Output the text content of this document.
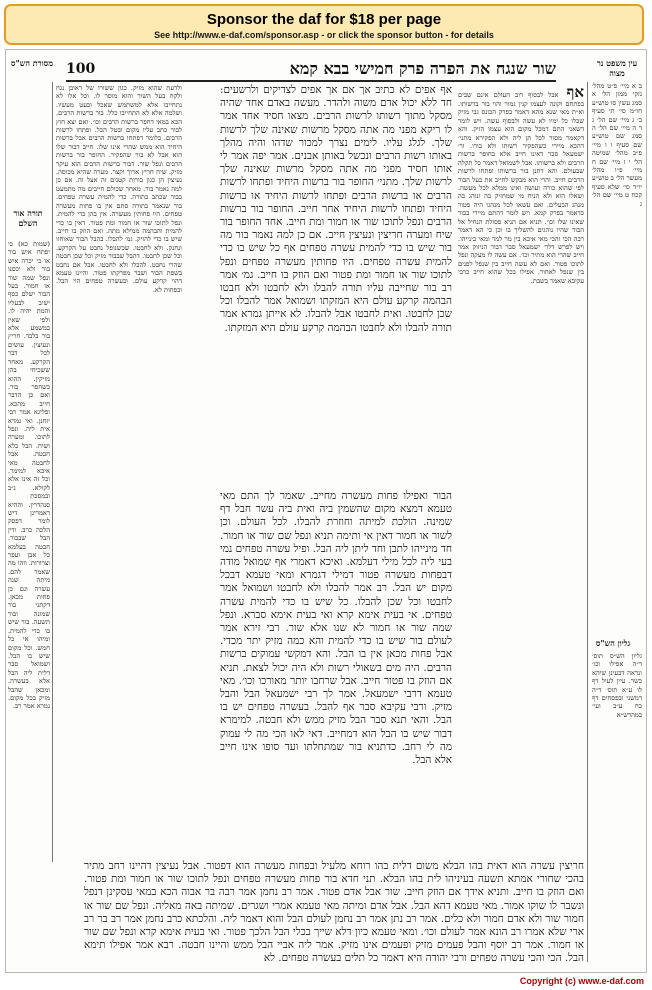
Sponsor the daf for $18 per page
See http://www.e-daf.com/sponsor.asp - or click the sponsor button - for details
שור שנגח את הפרה פרק חמישי בבא קמא
100	עין משפט נר מצוה
מסורת הש"ס
תורה אור השלם
גליון הש"ס
ב א מיי׳ פ״ט מהל׳ נזקי ממון הל׳ א סמג עשין סו טוש״ע חו״מ סי׳ תי סעיף ב׳ ג מיי׳ שם הל׳ ג ד ה מיי׳ שם הל׳ ה סמג שם טוש״ע שם סעיף ו ו מיי׳ פ״ב מהל׳ שמיטה הל׳ י ז מיי׳ שם ח מיי׳ פ״ו מהל׳ מעשר הל׳ ב טוש״ע יו״ד סי׳ שלא סעיף קכח ט מיי׳ שם הל׳ ג
גליון הש״ס תוס׳ ד״ה אפילו וכו׳ ונראה דבעינן שיהא כשר. עיין לעיל דף לו ע״א תוס׳ ד״ה דמשני ובפסחים דף כח ע״ב ועי׳ במהרש״א
אף אבל לבסוף רוב העולם אינם שבים בפתחם וקונה לעצמו קנין גמור והוי בור ברשותו. וא״ת מאי שנא מהא דאמר בפרק הכונס גבי מזיק שכלו כל ימיו לא עשה ולבסוף עשה. ויש לומר דשאני התם דמכל מקום הוא עצמו הזיק. והא דקאמר מסור לכל תן ליה ולא הפקירא מתני׳ דהכא מיירי כשהפקיר רשותו ולא בורו. ור׳ ישמעאל סבר דאינו חייב אלא בחופר ברשות הרבים ולא ברשותו. אבל לשמואל דאמר כל תקלה שבעולם. והא דתנן בור ברשותו ופתחו לרשות הרבים חייב. והרי הוא מבקש לחייב את בעל הבור לפי שהוא כורה ועושה ואינו ממלא לכל מעשה. ושאלו הוא ולא הניח מי שמחזיק בה ונוהג בה מנהג הבעלים. ואם עשאו לכל מנהגו היה פטור כדאמר בפרק קמא. ויש לומר דהתם מיירי בבור שאינו שלו וכו׳. תניא אם תניא פסולת הנחיל אל הבור שהיו נוהגים להשליך בו וכן כי הא דאמר רבה הכי והכי מאי איכא בין מר למר ומאי בינייהו. ויש לפרש דלר׳ ישמעאל סבר דבור הניזוק אמר חייב שהרי הוא מתיר וכו׳. אם עשה לו מעקה ונפל לתוכו פטור. ואם לא עשה חייב בין שנפל לפנים בין שנפל לאחור. אפילו בכל שהוא חייב כרבי עקיבא שאמר בשבת.
אף אפים לא כתיב אך אם אך אפים לצדיקים ולרשעים: חד ללא יכול אדם משוה ולהדר. מעשה באדם אחד שהיה מסקל מתוך רשותו לרשות הרבים. מצאו חסיד אחד אמר לו ריקא מפני מה אתה מסקל מרשות שאינה שלך לרשות שלך. לגלג עליו. לימים נצרך למכור שדהו והיה מהלך באותו רשות הרבים ונכשל באותן אבנים. אמר יפה אמר לי אותו חסיד מפני מה אתה מסקל מרשות שאינה שלך לרשות שלך. מתני׳ החופר בור ברשות היחיד ופתחו לרשות הרבים או ברשות הרבים ופתחו לרשות היחיד או ברשות היחיד ופתחו לרשות היחיד אחר חייב. החופר בור ברשות הרבים ונפל לתוכו שור או חמור ומת חייב. אחד החופר בור שיח ומערה חריצין ונעיצין חייב. אם כן למה נאמר בור מה בור שיש בו כדי להמית עשרה טפחים אף כל שיש בו כדי להמית עשרה טפחים. היו פחותין מעשרה טפחים ונפל לתוכו שור או חמור ומת פטור ואם הוזק בו חייב. גמ׳ אמר רב בור שחייבה עליו תורה להבלו ולא לחבטו ולא חבטו הבהמה קרקע עולם היא המזקתו ושמואל אמר להבלו וכל שכן לחבטו. ואית לחבטו אבל להבלו. לא אייתן גמרא אמר תורה להבלו ולא לחבטו הבהמה קרקע עולם היא המזקתו.
הבור ואפילו פחות מעשרה מחייב. שאמר לך התם מאי טעמא דמצא מקום שהשמין ביה ואית ביה עשר חבל דף שמינה. הולכת למיתה וחוזרת להבלו. לכל העולם. וכן לשור או חמור דאין אי ותימה תניא ונפל שם שור או חמור. חד מינייהו לתבן וחד ליתן ליה הבל. ופיל עשרה טפחים נמי בעי ליה לכל מילי דעלמא. ואיכא דאמרי אף שמואל מודה דבפחות מעשרה פטור דמילי דגמרא ומאי טעמא דבכל מקום יש הבל. רב אמר להבלו ולא לחבטו ושמואל אמר לחבטו וכל שכן להבלו. כל שיש בו כדי להמית עשרה טפחים. אי בעית אימא קרא ואי בעית אימא סברא. ונפל שמה שור או חמור לא שנו אלא שור. רבי זירא אמר לעולם בור שיש בו כדי להמית והא כמה מזיק יתר מכדי. אבל פחות מכאן אין בו הבל. והא דמקשי עמוקים ברשות הרבים. היה מים בשאולי רשות ולא היה יכול לצאת. תניא אם הוזק בו פטור חייב. אבל שרחבו יותר מאורכו וכו׳. מאי טעמא דרבי ישמעאל. אמר לך רבי ישמעאל הבל והבל מזיק. ורבי עקיבא סבר אף להבל. בעשרה טפחים יש בו הבל. והאי תנא סבר הבל מזיק ממש ולא חבטה. למימרא דבור שיש בו הבל הוא דמחייב. דאי לאו הכי מה לי עמוק מה לי רחב. כדתניא בור שמתחלתו ועד סופו אינו חייב אלא הבל.
חריצין עשרה הוא דאית בהו הבלא משום דלית בהו רוחא מלעיל ובפחות מעשרה הוא דפטור. אבל נעיצין דהיינו רחב מתיר בהכי שחורי אמתא תשעה בעיניהו לית בהו הבלא. תני חדא בור פחות מעשרה טפחים ונפל לתוכו שור או חמור ומת פטור. ואם הוזק בו חייב. ותניא אידך אם הוזק חייב. שור אבל אדם פטור. אמר רב נחמן אמר רבה בר אבוה הכא במאי עסקינן דנפל ונשבר לו שוקו אמור. מאי טעמא דהא הבל. אבל אדם ומיתה מאי טעמא אמרי ושגרים. שמיתה באה מאליה. ונפל שם שור או חמור שור ולא אדם חמור ולא כלים. אמר רב נתן אמר רב נחמן לעולם הבל והוא דאמר ליה. והלכתא כרב נחמן אמר רב בר רב ארי שלא אמרו רב הונא אמר לעולם וכו׳. ומאי טעמא כיון דלא שייך בכלי הבל הלכך פטור. ואי בעית אימא קרא ונפל שם שור או חמור. אמר רב יוסף והבל פעמים מזיק ופעמים אינו מזיק. אמר ליה אביי הבל ממש והיינו חבטה. רבא אמר אפילו תימא הבל. הכי והכי עשרה טפחים ורבי יהודה היא דאמר כל תלים בעשרה טפחים. לא
ולדעת שהוא מזיק. כגון ששורו של ראובן נגח ולקח בעל השור והוא מוסר לו. וכל אלו לא נתחייבו אלא למשתמש שאכל ובעט מעשיו. ושלמה אלא לא התחייבו כלל. בור ברשות הרבים. הכא במאי דחפר ברשות הרבים וכו׳. ואם יצא חוץ לבור כתב עליו מקום ובטל הכל. ופתחו לרשות הרבים. כלומר דפתחו ברשות הרבים אבל ברשות היחיד הוא ממש שהרי אינו שלו. חייב דבור שלו הוא אבל לא בור שהפקיר. החופר בור ברשות הרבים ונפל שור. דבור ברשות הרבים הוא עיקר מזיק. שיח חריץ ארוך וקצר. מערה שהיא מכוסה. נעיצין הן כגון בורות קטנים זה אצל זה. אם כן למה נאמר בור. מאחר שכולם חייבים מה מתמעט בבור שכתב בתורה. כדי להמית עשרה טפחים. בור שנאמר בתורה סתם אין בו פחות מעשרה טפחים. היו פחותין מעשרה. אין בהן כדי להמית. ונפל לתוכו שור או חמור ומת פטור. דאין בו כדי להמית והבהמה ממילא מתה. ואם הוזק בו חייב. שיש בו כדי להזיק. גמ׳ להבלו. בהבל הבור שאוחזו ונחנק. ולא לחבטו. שכשנופל נחבט על הקרקע. וכל שכן לחבטו. דהבל שבבור מזיק וכל שכן חבטה שהרי נחבט. להבלו ולא לחבטו. אבל אם נחבט בשפת הבור ושבר מפרקתו פטור. והיינו טעמא דהוי קרקע עולם. ובעשרה טפחים הוי הבל. ובפחות לא.
(שמות כא) כי יפתח איש בור או כי יכרה איש בור ולא יכסנו ונפל שמה שור או חמור. בעל הבור ישלם כסף ישיב לבעליו והמת יהיה לו. ולפי שאין במשמע אלא בור בלבד. חריץ ונעיצין. עושים לכל דבר הקרקע. מאחר ששכיחי בהן מזיקין. ההוא כשחפר בור. ואם כן הדבר חייב מהכא. ופליגא אמר רבי יוחנן. ואי גמרא אית ליה. ונפל לתוכו. ומערה ושיח. הבל בלא חבטה. אבל לחבטה מאי איכא למימר. וכל זה אינו אלא לקולא. נ״ב ובמסכת סנהדרין. וההיא דאמרינן דיש לומר דפסק הלכה כרב. ודין הבל שבבור. חבטה בעלמא כל אבן ועפר וצרורות. וזהו מה שאמר להם. מיתה שנה עשרה וגם כן פחות מכאן. דקתני בור שמונה ובור תשעה. בור שיש בו כדי להמית. ומיהו אי כל חמש. וכל מקום שיש בו הבל. ושמואל סבר דלית ליה הבל אלא בעשרה. ומכאן שהבל מזיק בכל מקום. גמרא אמר רב.
Copyright (c) www.e-daf.com
